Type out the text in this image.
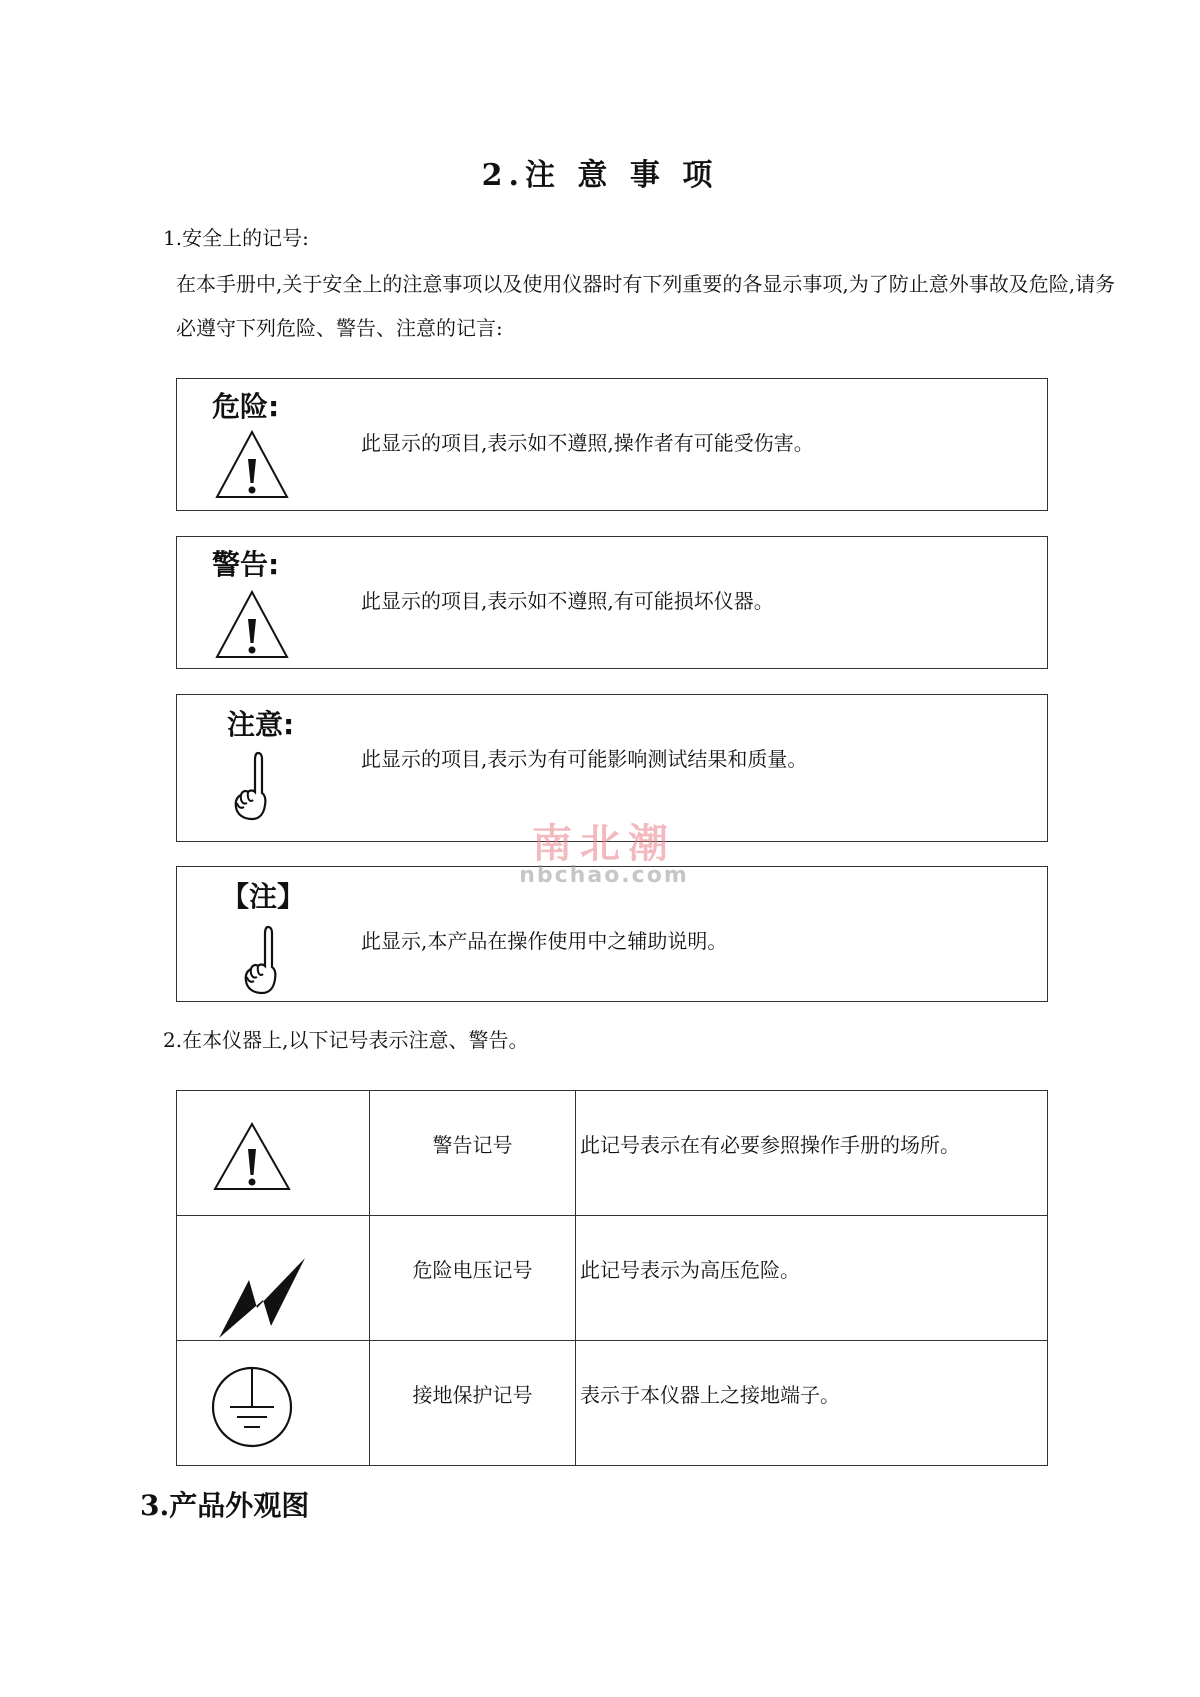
2.注 意 事 项
1.安全上的记号:
在本手册中,关于安全上的注意事项以及使用仪器时有下列重要的各显示事项,为了防止意外事故及危险,请务必遵守下列危险、警告、注意的记言:
危险:
此显示的项目,表示如不遵照,操作者有可能受伤害。
警告:
此显示的项目,表示如不遵照,有可能损坏仪器。
注意:
此显示的项目,表示为有可能影响测试结果和质量。
【注】
此显示,本产品在操作使用中之辅助说明。
南北潮
nbchao.com
2.在本仪器上,以下记号表示注意、警告。

警告记号	此记号表示在有必要参照操作手册的场所。

危险电压记号	此记号表示为高压危险。

接地保护记号	表示于本仪器上之接地端子。
3.产品外观图
